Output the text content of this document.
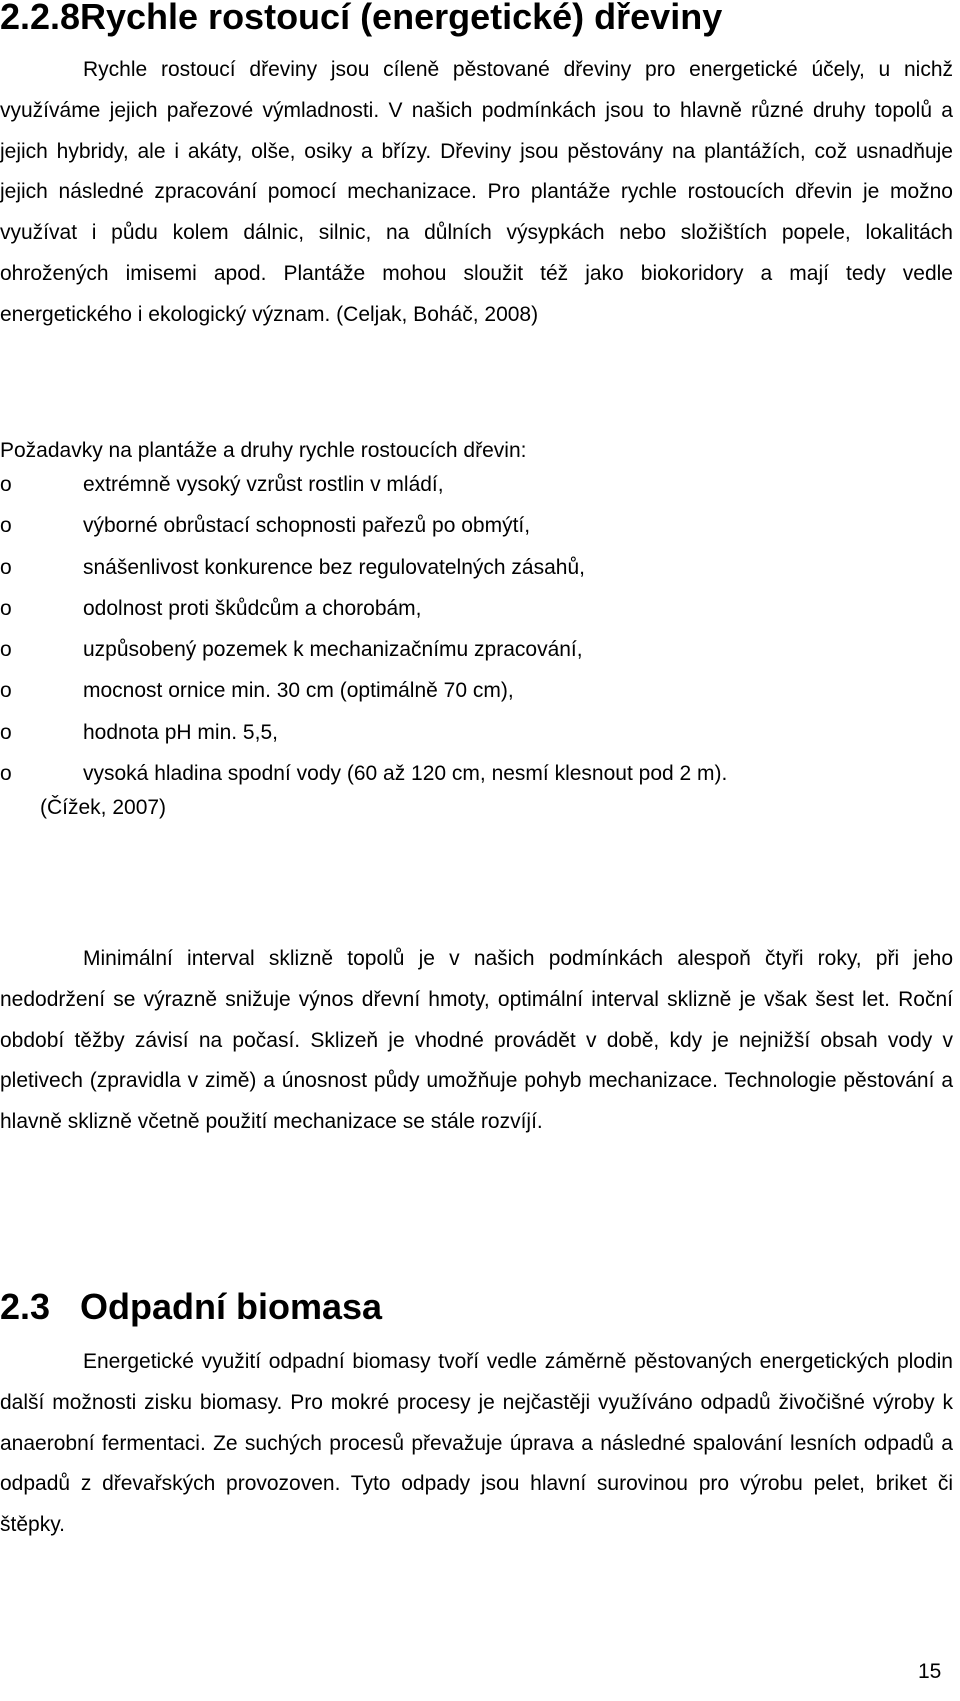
2.2.8Rychle rostoucí (energetické) dřeviny

Rychle rostoucí dřeviny jsou cíleně pěstované dřeviny pro energetické účely, u nichž využíváme jejich pařezové výmladnosti. V našich podmínkách jsou to hlavně různé druhy topolů a jejich hybridy, ale i akáty, olše, osiky a břízy. Dřeviny jsou pěstovány na plantážích, což usnadňuje jejich následné zpracování pomocí mechanizace. Pro plantáže rychle rostoucích dřevin je možno využívat i půdu kolem dálnic, silnic, na důlních výsypkách nebo složištích popele, lokalitách ohrožených imisemi apod. Plantáže mohou sloužit též jako biokoridory a mají tedy vedle energetického i ekologický význam. (Celjak, Boháč, 2008)

Požadavky na plantáže a druhy rychle rostoucích dřevin:

o	extrémně vysoký vzrůst rostlin v mládí,
o	výborné obrůstací schopnosti pařezů po obmýtí,
o	snášenlivost konkurence bez regulovatelných zásahů,
o	odolnost proti škůdcům a chorobám,
o	uzpůsobený pozemek k mechanizačnímu zpracování,
o	mocnost ornice min. 30 cm (optimálně 70 cm),
o	hodnota pH min. 5,5,
o	vysoká hladina spodní vody (60 až 120 cm, nesmí klesnout pod 2 m).

(Čížek, 2007)

Minimální interval sklizně topolů je v našich podmínkách alespoň čtyři roky, při jeho nedodržení se výrazně snižuje výnos dřevní hmoty, optimální interval sklizně je však šest let. Roční období těžby závisí na počasí. Sklizeň je vhodné provádět v době, kdy je nejnižší obsah vody v pletivech (zpravidla v zimě) a únosnost půdy umožňuje pohyb mechanizace. Technologie pěstování a hlavně sklizně včetně použití mechanizace se stále rozvíjí.

2.3 Odpadní biomasa

Energetické využití odpadní biomasy tvoří vedle záměrně pěstovaných energetických plodin další možnosti zisku biomasy. Pro mokré procesy je nejčastěji využíváno odpadů živočišné výroby k anaerobní fermentaci. Ze suchých procesů převažuje úprava a následné spalování lesních odpadů a odpadů z dřevařských provozoven. Tyto odpady jsou hlavní surovinou pro výrobu pelet, briket či štěpky.

15
